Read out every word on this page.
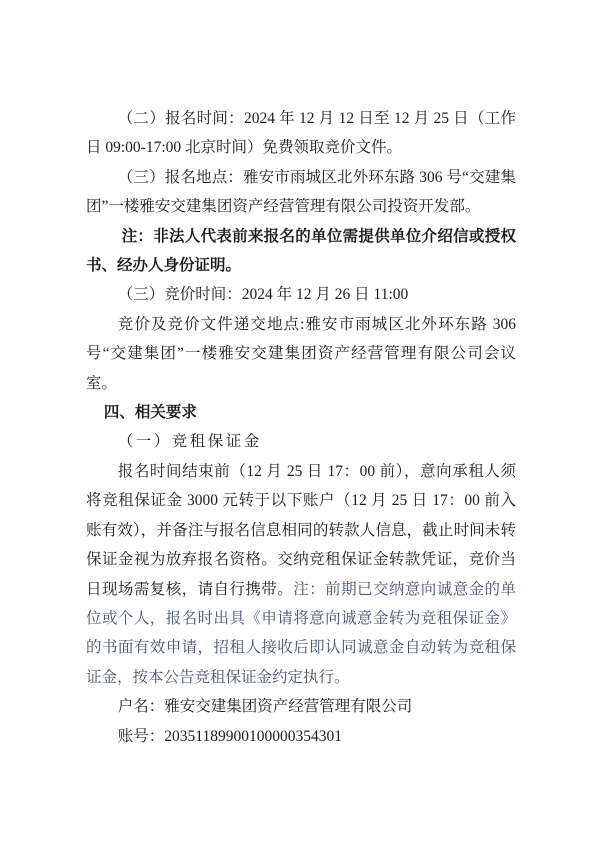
（二）报名时间：2024 年 12 月 12 日至 12 月 25 日（工作日 09:00-17:00 北京时间）免费领取竞价文件。

（三）报名地点：雅安市雨城区北外环东路 306 号“交建集团”一楼雅安交建集团资产经营管理有限公司投资开发部。

注：非法人代表前来报名的单位需提供单位介绍信或授权书、经办人身份证明。

（三）竞价时间：2024 年 12 月 26 日 11:00

竞价及竞价文件递交地点:雅安市雨城区北外环东路 306 号“交建集团”一楼雅安交建集团资产经营管理有限公司会议室。

四、相关要求

（一）竞租保证金

报名时间结束前（12 月 25 日 17：00 前），意向承租人须将竞租保证金 3000 元转于以下账户（12 月 25 日 17：00 前入账有效），并备注与报名信息相同的转款人信息，截止时间未转保证金视为放弃报名资格。交纳竞租保证金转款凭证，竞价当日现场需复核，请自行携带。注：前期已交纳意向诚意金的单位或个人，报名时出具《申请将意向诚意金转为竞租保证金》的书面有效申请，招租人接收后即认同诚意金自动转为竞租保证金，按本公告竞租保证金约定执行。

户名：雅安交建集团资产经营管理有限公司

账号：20351189900100000354301
